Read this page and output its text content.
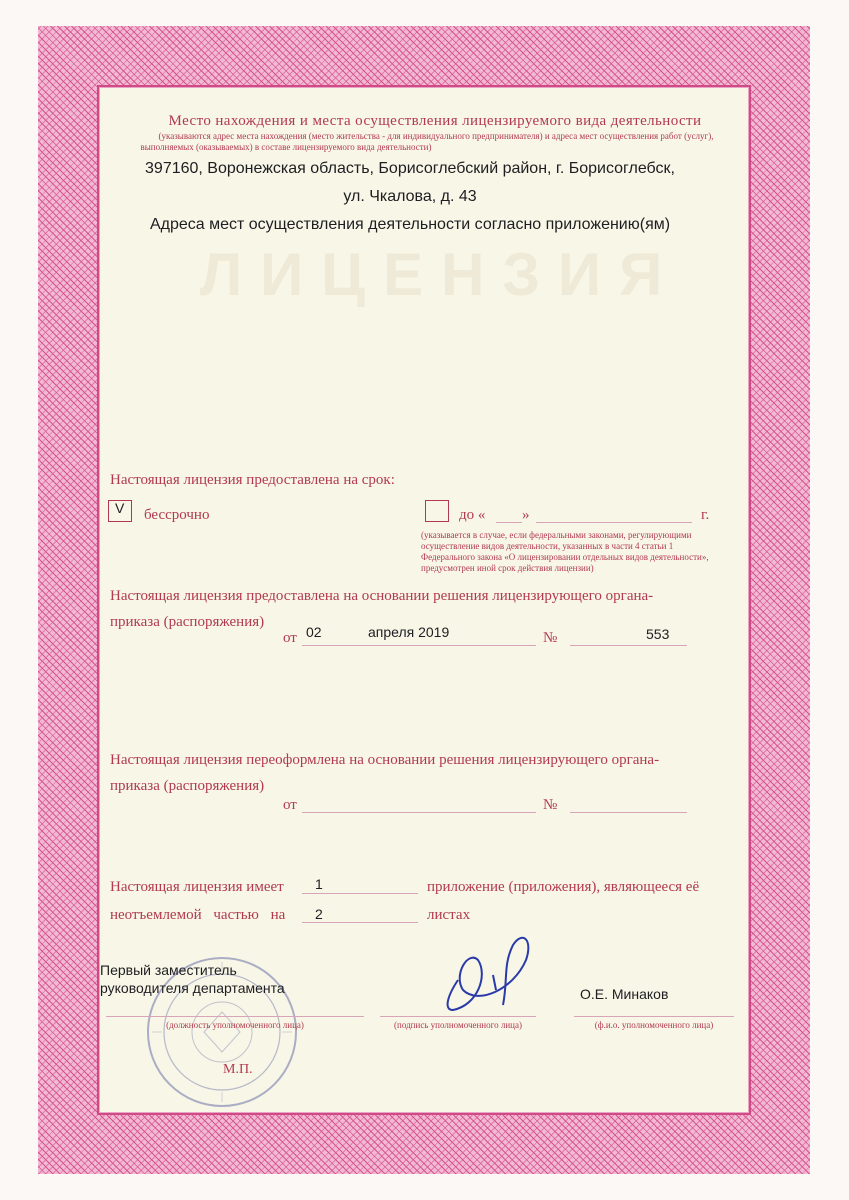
ЛИЦЕНЗИЯ
Место нахождения и места осуществления лицензируемого вида деятельности
(указываются адрес места нахождения (место жительства - для индивидуального предпринимателя) и адреса мест осуществления работ (услуг),
выполняемых (оказываемых) в составе лицензируемого вида деятельности)
397160, Воронежская область, Борисоглебский район, г. Борисоглебск,
ул. Чкалова, д. 43
Адреса мест осуществления деятельности согласно приложению(ям)
Настоящая лицензия предоставлена на срок:
V бессрочно	до « »	г.
(указывается в случае, если федеральными законами, регулирующими
осуществление видов деятельности, указанных в части 4 статьи 1
Федерального закона «О лицензировании отдельных видов деятельности»,
предусмотрен иной срок действия лицензии)
Настоящая лицензия предоставлена на основании решения лицензирующего органа-
приказа (распоряжения)
от 02	апреля 2019	№	553
Настоящая лицензия переоформлена на основании решения лицензирующего органа-
приказа (распоряжения)
от	№
Настоящая лицензия имеет 1	приложение (приложения), являющееся её
неотъемлемой частью на 2	листах
Первый заместитель
руководителя департамента
(должность уполномоченного лица)	(подпись уполномоченного лица)
О.Е. Минаков
(ф.и.о. уполномоченного лица)
М.П.
